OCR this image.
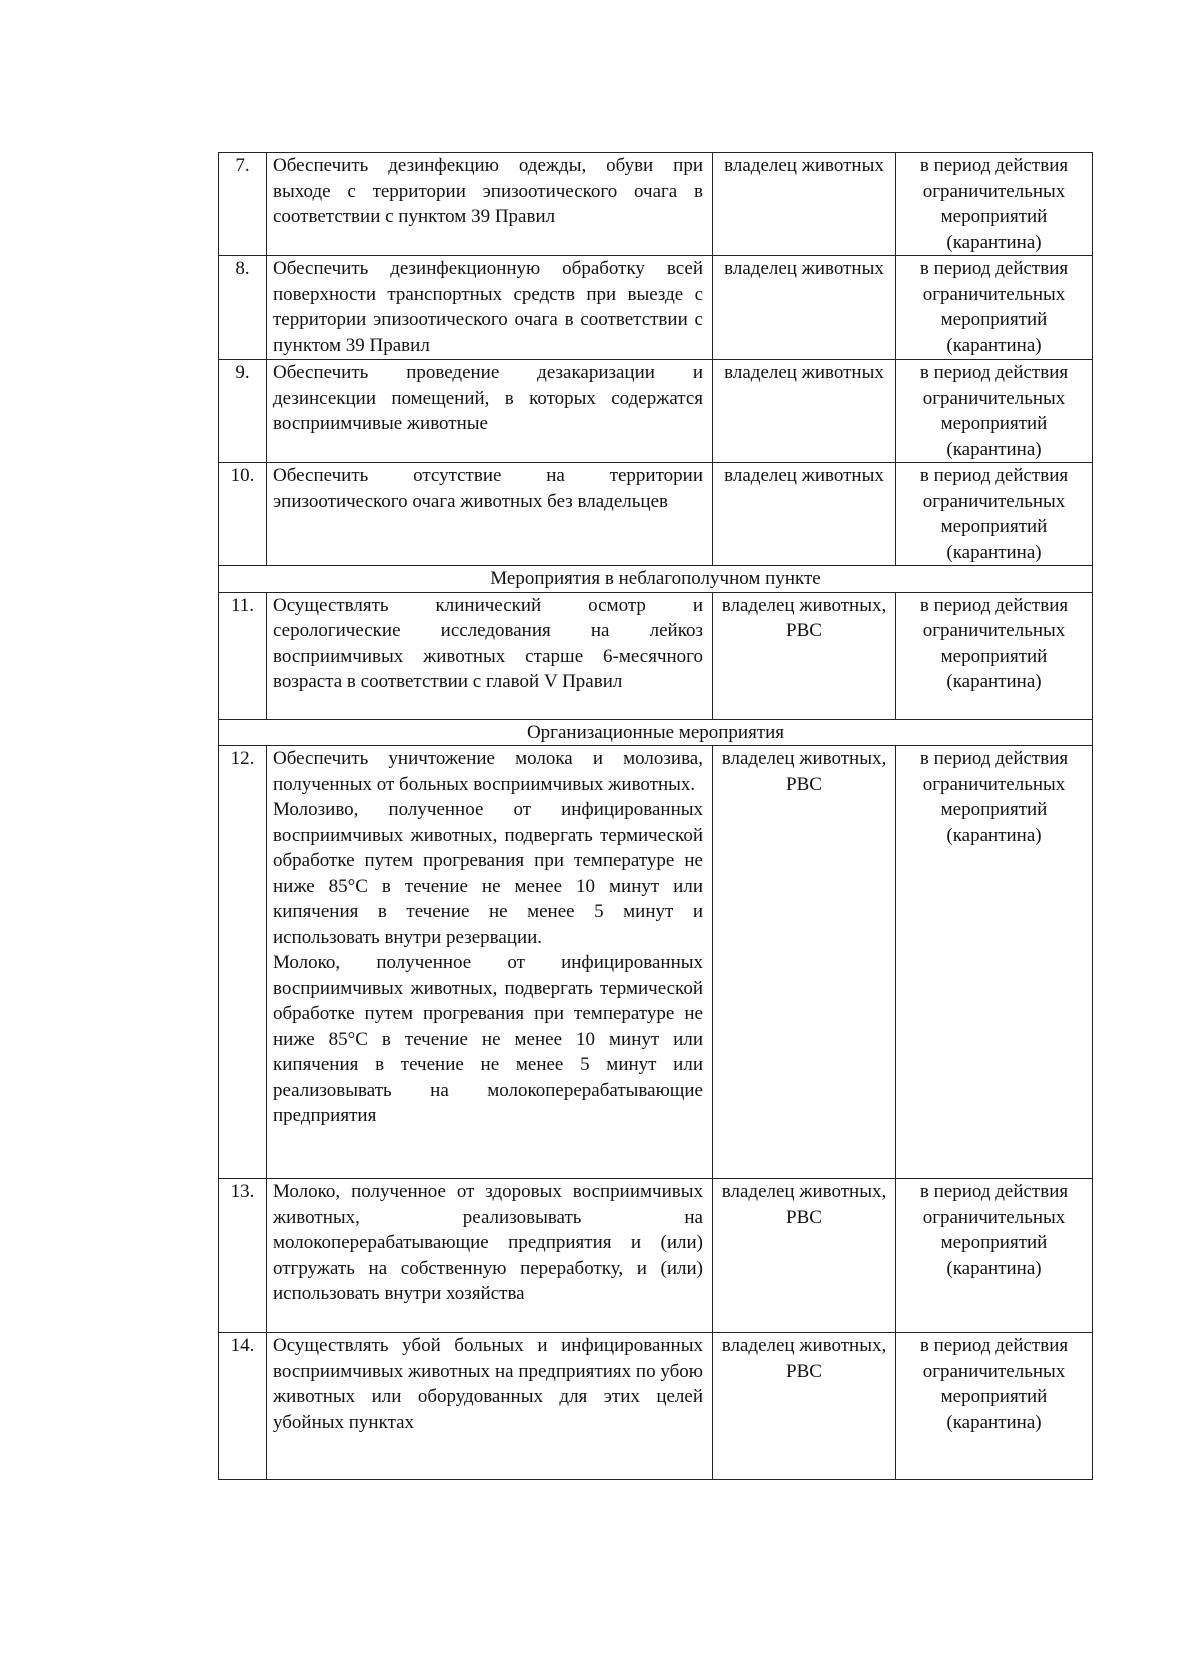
7.	Обеспечить дезинфекцию одежды, обуви при выходе с территории эпизоотического очага в соответствии с пунктом 39 Правил	владелец животных	в период действия ограничительных мероприятий (карантина)
8.	Обеспечить дезинфекционную обработку всей поверхности транспортных средств при выезде с территории эпизоотического очага в соответствии с пунктом 39 Правил	владелец животных	в период действия ограничительных мероприятий (карантина)
9.	Обеспечить проведение дезакаризации и дезинсекции помещений, в которых содержатся восприимчивые животные	владелец животных	в период действия ограничительных мероприятий (карантина)
10.	Обеспечить отсутствие на территории эпизоотического очага животных без владельцев	владелец животных	в период действия ограничительных мероприятий (карантина)
Мероприятия в неблагополучном пункте			
11.	Осуществлять клинический осмотр и серологические исследования на лейкоз восприимчивых животных старше 6-месячного возраста в соответствии с главой V Правил	владелец животных, РВС	в период действия ограничительных мероприятий (карантина)
Организационные мероприятия			
12.	Обеспечить уничтожение молока и молозива, полученных от больных восприимчивых животных.
Молозиво, полученное от инфицированных восприимчивых животных, подвергать термической обработке путем прогревания при температуре не ниже 85°С в течение не менее 10 минут или кипячения в течение не менее 5 минут и использовать внутри резервации.
Молоко, полученное от инфицированных восприимчивых животных, подвергать термической обработке путем прогревания при температуре не ниже 85°С в течение не менее 10 минут или кипячения в течение не менее 5 минут или реализовывать на молокоперерабатывающие предприятия	владелец животных, РВС	в период действия ограничительных мероприятий (карантина)
13.	Молоко, полученное от здоровых восприимчивых животных, реализовывать на молокоперерабатывающие предприятия и (или) отгружать на собственную переработку, и (или) использовать внутри хозяйства	владелец животных, РВС	в период действия ограничительных мероприятий (карантина)
14.	Осуществлять убой больных и инфицированных восприимчивых животных на предприятиях по убою животных или оборудованных для этих целей убойных пунктах	владелец животных, РВС	в период действия ограничительных мероприятий (карантина)
